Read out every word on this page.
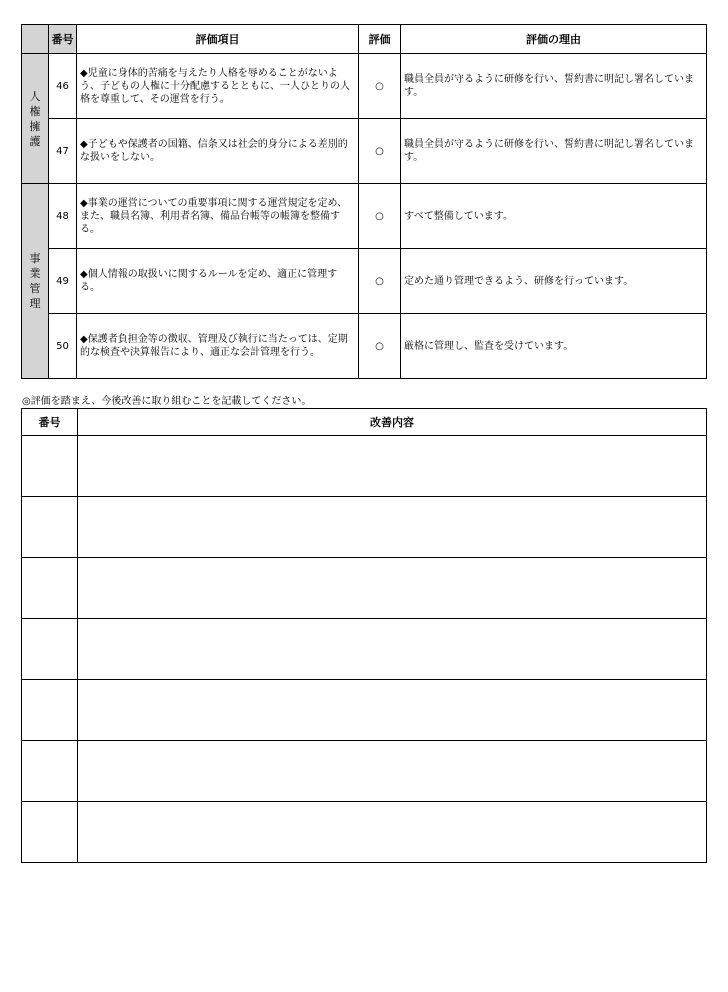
	番号	評価項目	評価	評価の理由
人権擁護	46	◆児童に身体的苦痛を与えたり人格を辱めることがないよう、子どもの人権に十分配慮するとともに、一人ひとりの人格を尊重して、その運営を行う。	○	職員全員が守るように研修を行い、誓約書に明記し署名しています。
	47	◆子どもや保護者の国籍、信条又は社会的身分による差別的な扱いをしない。	○	職員全員が守るように研修を行い、誓約書に明記し署名しています。
事業管理	48	◆事業の運営についての重要事項に関する運営規定を定め、また、職員名簿、利用者名簿、備品台帳等の帳簿を整備する。	○	すべて整備しています。
	49	◆個人情報の取扱いに関するルールを定め、適正に管理する。	○	定めた通り管理できるよう、研修を行っています。
	50	◆保護者負担金等の徴収、管理及び執行に当たっては、定期的な検査や決算報告により、適正な会計管理を行う。	○	厳格に管理し、監査を受けています。
◎評価を踏まえ、今後改善に取り組むことを記載してください。
番号	改善内容
